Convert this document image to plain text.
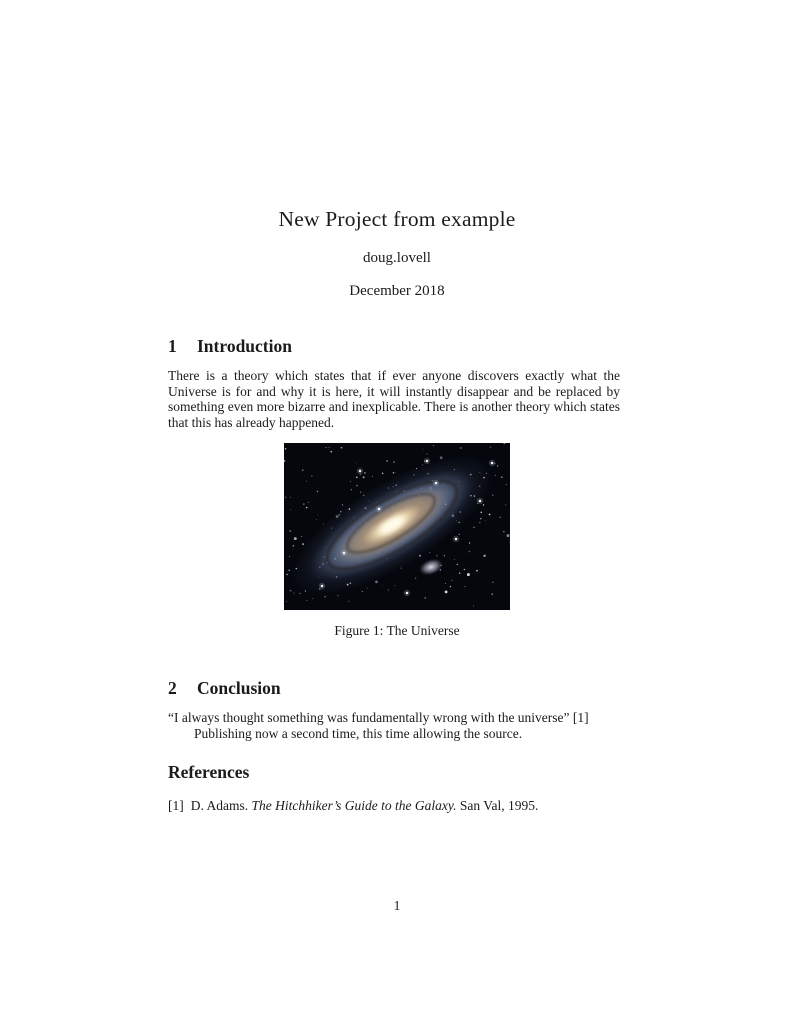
New Project from example
doug.lovell
December 2018
1 Introduction
There is a theory which states that if ever anyone discovers exactly what the Universe is for and why it is here, it will instantly disappear and be replaced by something even more bizarre and inexplicable. There is another theory which states that this has already happened.
Figure 1: The Universe
2 Conclusion
“I always thought something was fundamentally wrong with the universe” [1]
Publishing now a second time, this time allowing the source.
References
[1] D. Adams. The Hitchhiker’s Guide to the Galaxy. San Val, 1995.
1
